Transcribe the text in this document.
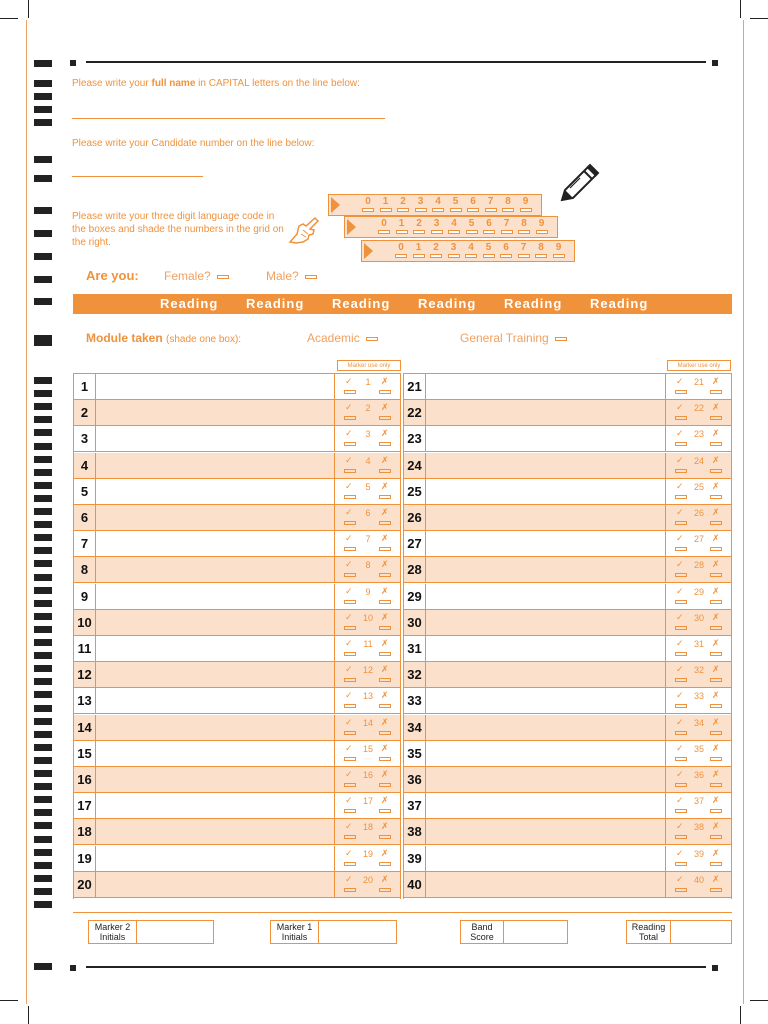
Please write your full name in CAPITAL letters on the line below:
Please write your Candidate number on the line below:
Please write your three digit language code in the boxes and shade the numbers in the grid on the right.
0	1	2	3	4	5	6	7	8	9
0	1	2	3	4	5	6	7	8	9
0	1	2	3	4	5	6	7	8	9
Are you: Female?	Male?
Reading Reading Reading Reading Reading Reading
Module taken (shade one box):	Academic	General Training
Marker use only	Marker use only
1	✓	1	✗
2	✓	2	✗
3	✓	3	✗
4	✓	4	✗
5	✓	5	✗
6	✓	6	✗
7	✓	7	✗
8	✓	8	✗
9	✓	9	✗
10	✓	10 ✗
11	✓	11 ✗
12	✓	12 ✗
13	✓	13 ✗
14	✓	14 ✗
15	✓	15 ✗
16	✓	16 ✗
17	✓	17 ✗
18	✓	18 ✗
19	✓	19 ✗
20	✓	20 ✗
21	✓	21 ✗
22	✓	22 ✗
23	✓	23 ✗
24	✓	24 ✗
25	✓	25 ✗
26	✓	26 ✗
27	✓	27 ✗
28	✓	28 ✗
29	✓	29 ✗
30	✓	30 ✗
31	✓	31 ✗
32	✓	32 ✗
33	✓	33 ✗
34	✓	34 ✗
35	✓	35 ✗
36	✓	36 ✗
37	✓	37 ✗
38	✓	38 ✗
39	✓	39 ✗
40	✓	40 ✗
Marker 2
Initials
Marker 1
Initials
Band
Score
Reading
Total
